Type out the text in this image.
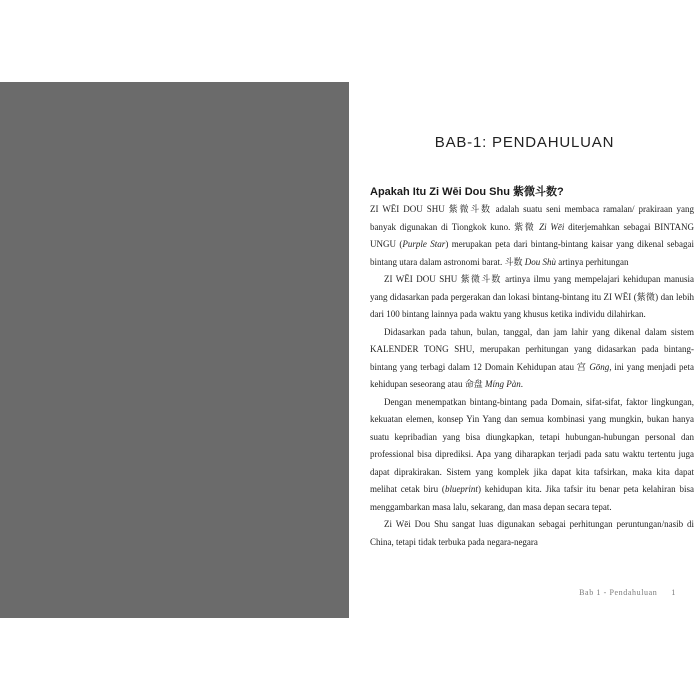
BAB-1: PENDAHULUAN
Apakah Itu Zi Wēi Dou Shu 紫微斗数?

ZI WĒI DOU SHU 紫微斗数 adalah suatu seni membaca ramalan/ prakiraan yang banyak digunakan di Tiongkok kuno. 紫微 Zi Wēi diterjemahkan sebagai BINTANG UNGU (Purple Star) merupakan peta dari bintang-bintang kaisar yang dikenal sebagai bintang utara dalam astronomi barat. 斗数 Dou Shù artinya perhitungan

ZI WĒI DOU SHU 紫微斗数 artinya ilmu yang mempelajari kehidupan manusia yang didasarkan pada pergerakan dan lokasi bintang-bintang itu ZI WĒI (紫微) dan lebih dari 100 bintang lainnya pada waktu yang khusus ketika individu dilahirkan.

Didasarkan pada tahun, bulan, tanggal, dan jam lahir yang dikenal dalam sistem KALENDER TONG SHU, merupakan perhitungan yang didasarkan pada bintang-bintang yang terbagi dalam 12 Domain Kehidupan atau 宫 Gōng, ini yang menjadi peta kehidupan seseorang atau 命盘 Míng Pàn.

Dengan menempatkan bintang-bintang pada Domain, sifat-sifat, faktor lingkungan, kekuatan elemen, konsep Yin Yang dan semua kombinasi yang mungkin, bukan hanya suatu kepribadian yang bisa diungkapkan, tetapi hubungan-hubungan personal dan professional bisa diprediksi. Apa yang diharapkan terjadi pada satu waktu tertentu juga dapat diprakirakan. Sistem yang komplek jika dapat kita tafsirkan, maka kita dapat melihat cetak biru (blueprint) kehidupan kita. Jika tafsir itu benar peta kelahiran bisa menggambarkan masa lalu, sekarang, dan masa depan secara tepat.

Zi Wēi Dou Shu sangat luas digunakan sebagai perhitungan peruntungan/nasib di China, tetapi tidak terbuka pada negara-negara

Bab 1 - Pendahuluan 1
